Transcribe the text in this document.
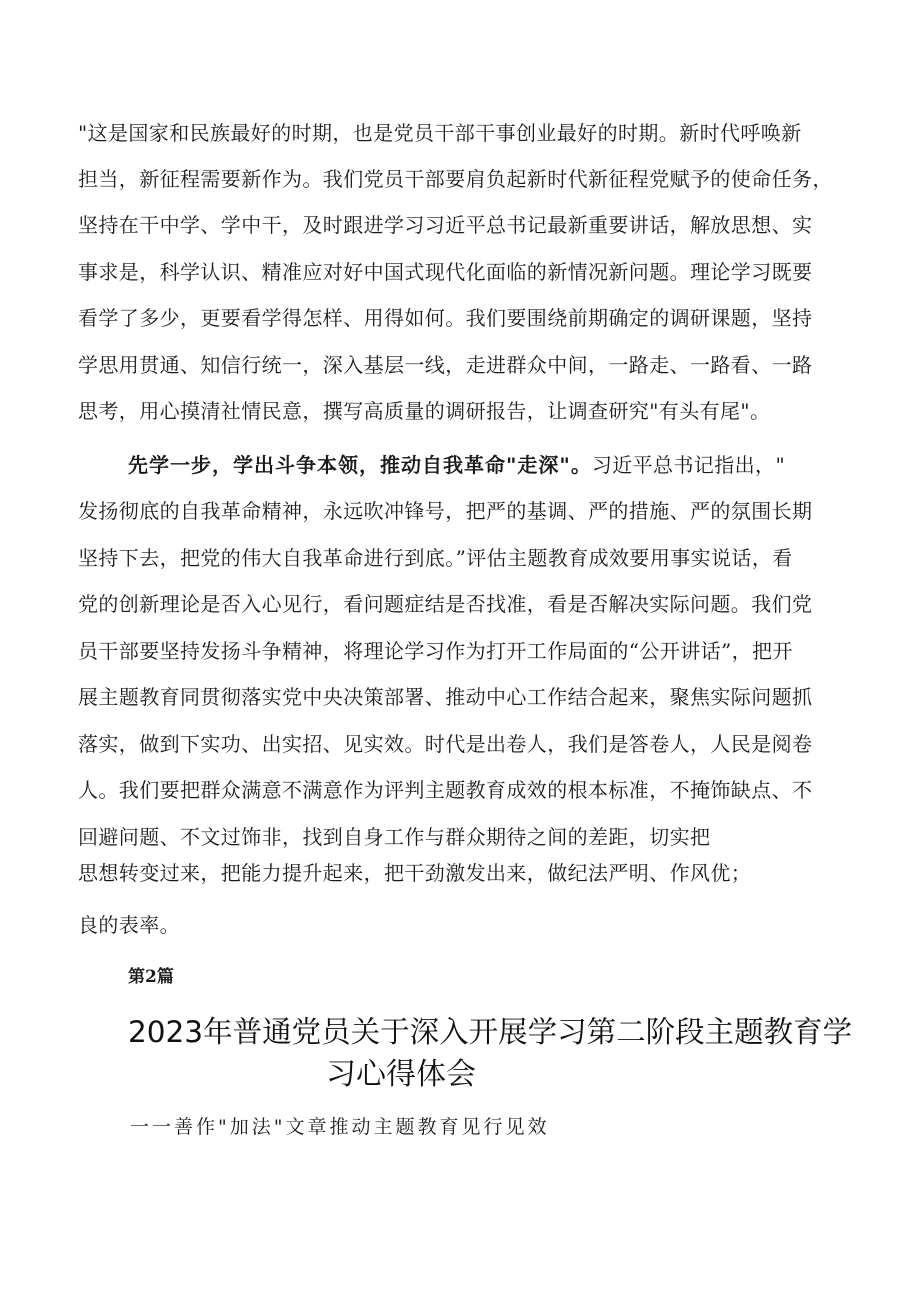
"这是国家和民族最好的时期，也是党员干部干事创业最好的时期。新时代呼唤新
担当，新征程需要新作为。我们党员干部要肩负起新时代新征程党赋予的使命任务，
坚持在干中学、学中干，及时跟进学习习近平总书记最新重要讲话，解放思想、实
事求是，科学认识、精准应对好中国式现代化面临的新情况新问题。理论学习既要
看学了多少，更要看学得怎样、用得如何。我们要围绕前期确定的调研课题，坚持
学思用贯通、知信行统一，深入基层一线，走进群众中间，一路走、一路看、一路
思考，用心摸清社情民意，撰写高质量的调研报告，让调查研究"有头有尾"。
先学一步，学出斗争本领，推动自我革命"走深"。习近平总书记指出，"
发扬彻底的自我革命精神，永远吹冲锋号，把严的基调、严的措施、严的氛围长期
坚持下去，把党的伟大自我革命进行到底。”评估主题教育成效要用事实说话，看
党的创新理论是否入心见行，看问题症结是否找准，看是否解决实际问题。我们党
员干部要坚持发扬斗争精神，将理论学习作为打开工作局面的“公开讲话”，把开
展主题教育同贯彻落实党中央决策部署、推动中心工作结合起来，聚焦实际问题抓
落实，做到下实功、出实招、见实效。时代是出卷人，我们是答卷人，人民是阅卷
人。我们要把群众满意不满意作为评判主题教育成效的根本标准，不掩饰缺点、不
回避问题、不文过饰非，找到自身工作与群众期待之间的差距，切实把
思想转变过来，把能力提升起来，把干劲激发出来，做纪法严明、作风优；
良的表率。
第2篇
2023年普通党员关于深入开展学习第二阶段主题教育学
习心得体会
一一善作"加法"文章推动主题教育见行见效
